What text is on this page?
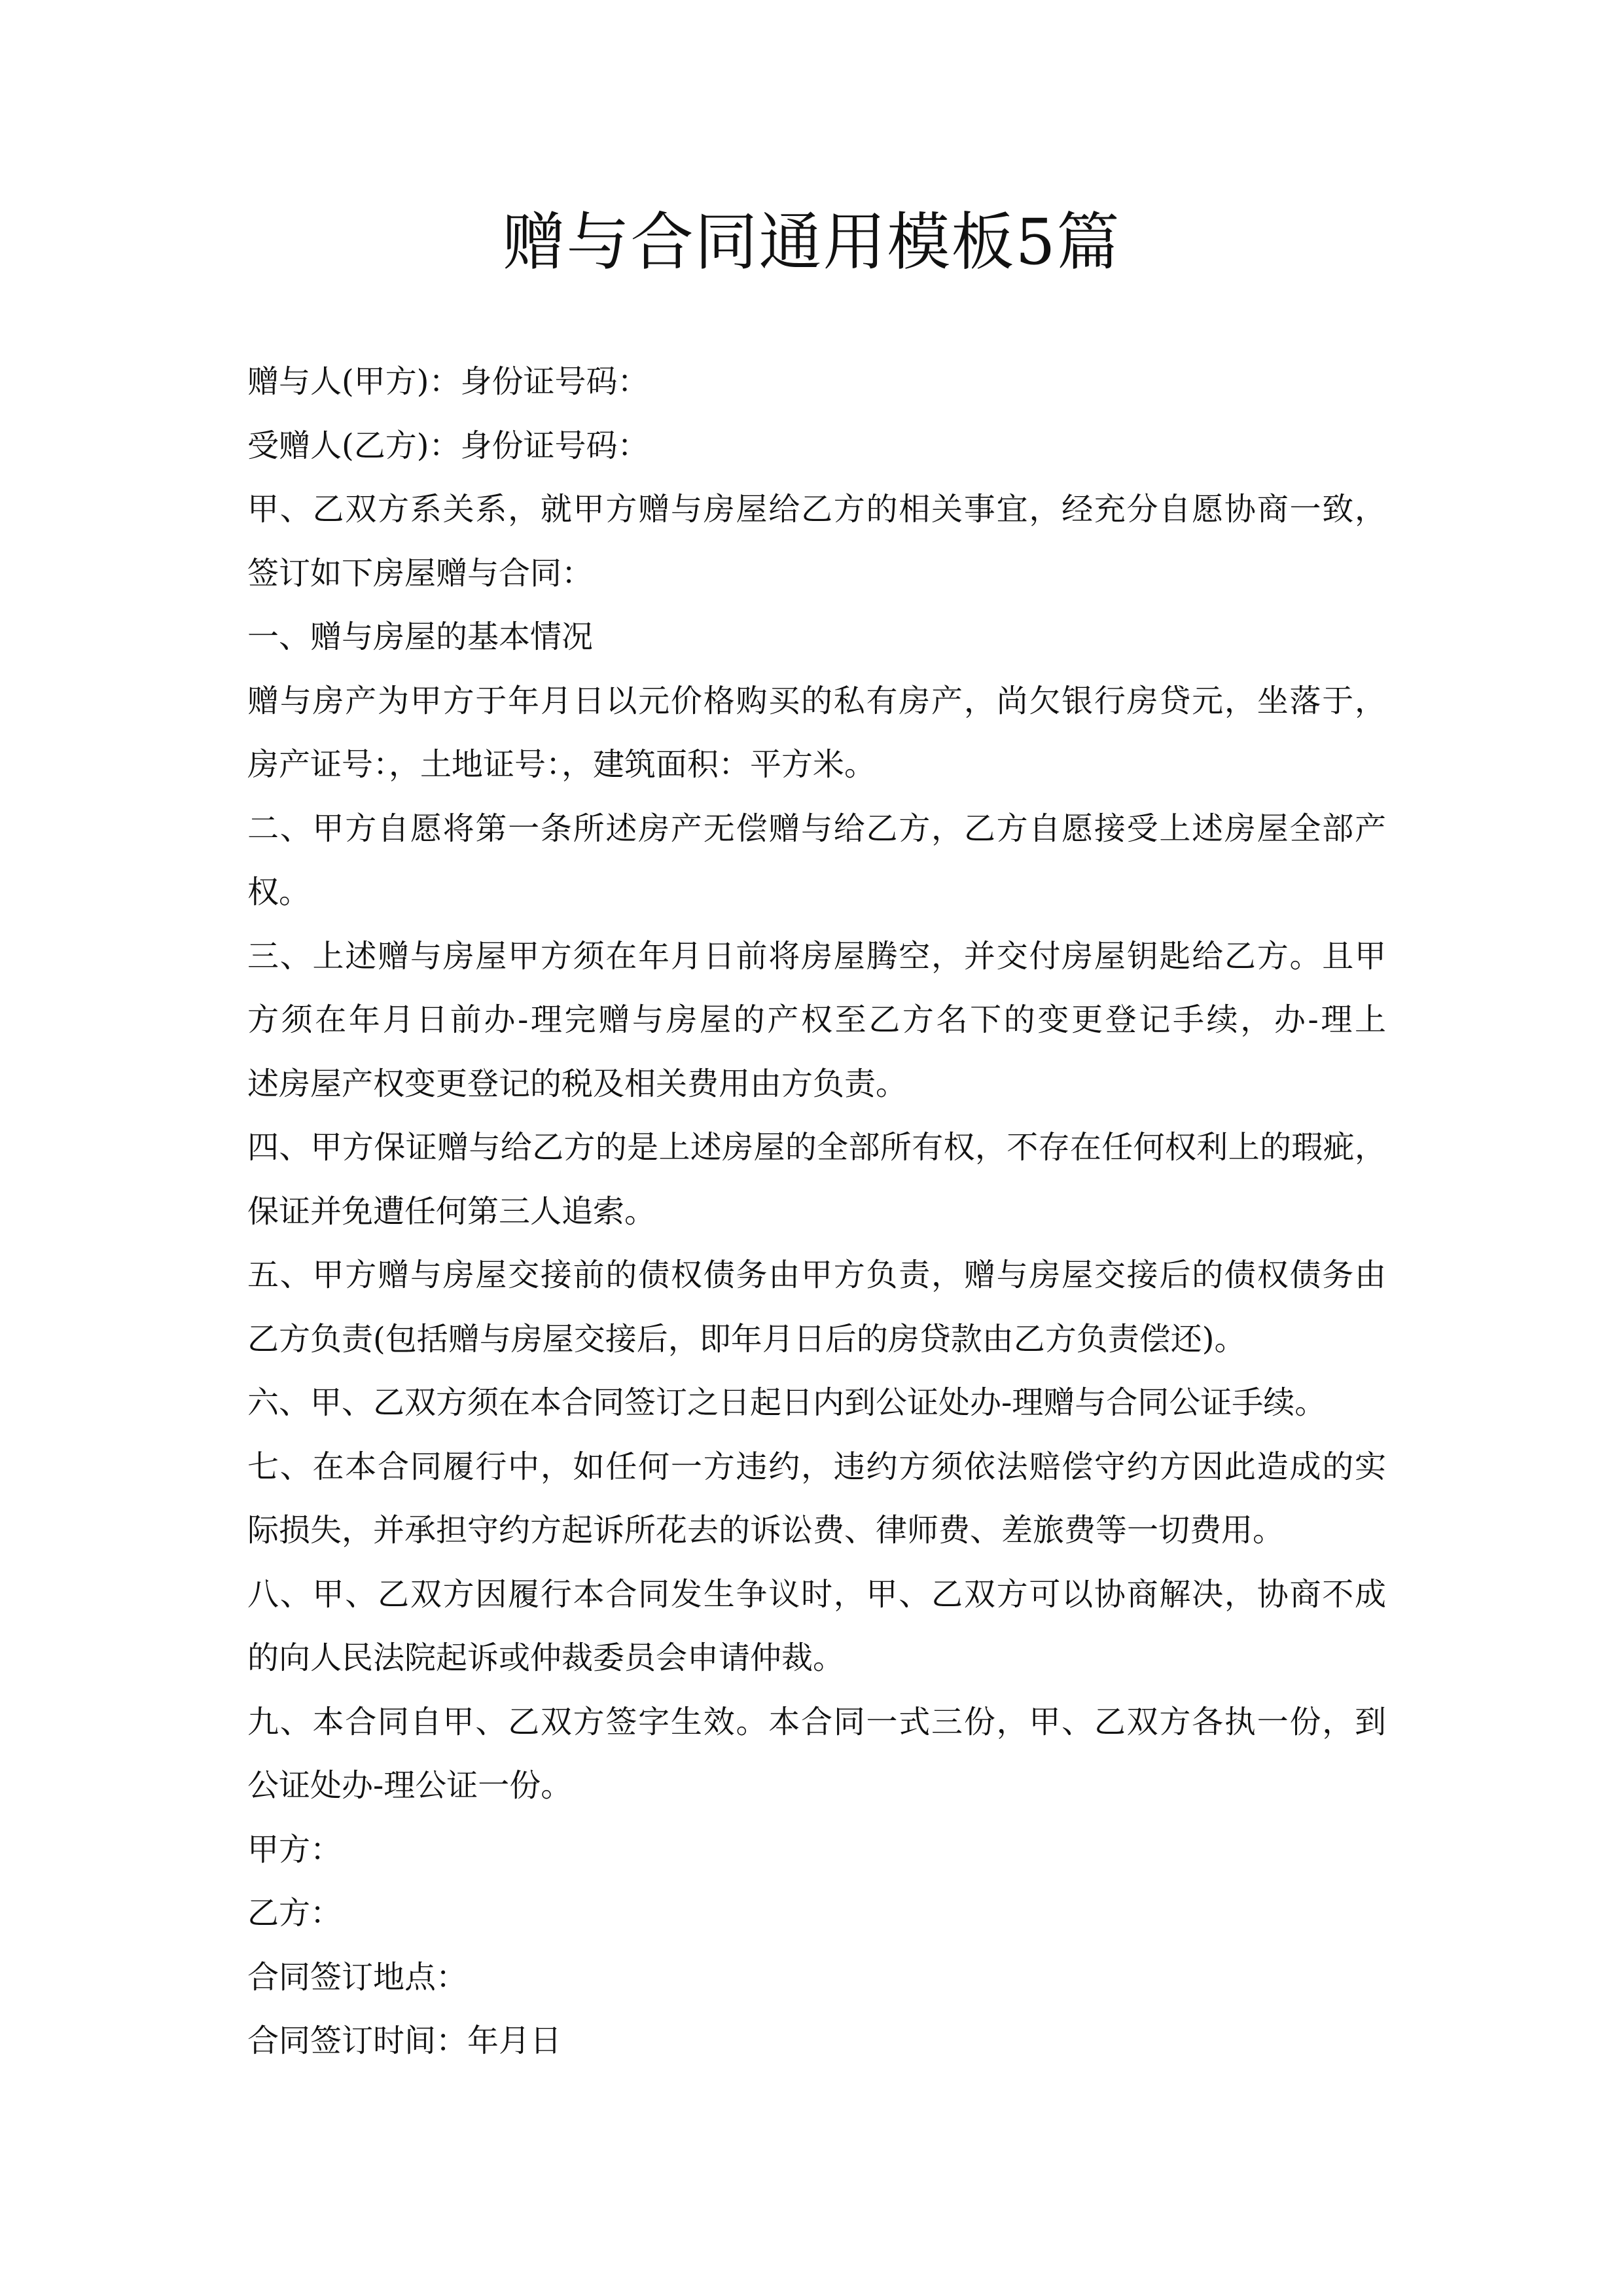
赠与合同通用模板5篇
赠与人(甲方)：身份证号码：
受赠人(乙方)：身份证号码：
甲、乙双方系关系，就甲方赠与房屋给乙方的相关事宜，经充分自愿协商一致，
签订如下房屋赠与合同：
一、赠与房屋的基本情况
赠与房产为甲方于年月日以元价格购买的私有房产，尚欠银行房贷元，坐落于，
房产证号：，土地证号：，建筑面积：平方米。
二、甲方自愿将第一条所述房产无偿赠与给乙方，乙方自愿接受上述房屋全部产
权。
三、上述赠与房屋甲方须在年月日前将房屋腾空，并交付房屋钥匙给乙方。且甲
方须在年月日前办-理完赠与房屋的产权至乙方名下的变更登记手续，办-理上
述房屋产权变更登记的税及相关费用由方负责。
四、甲方保证赠与给乙方的是上述房屋的全部所有权，不存在任何权利上的瑕疵，
保证并免遭任何第三人追索。
五、甲方赠与房屋交接前的债权债务由甲方负责，赠与房屋交接后的债权债务由
乙方负责(包括赠与房屋交接后，即年月日后的房贷款由乙方负责偿还)。
六、甲、乙双方须在本合同签订之日起日内到公证处办-理赠与合同公证手续。
七、在本合同履行中，如任何一方违约，违约方须依法赔偿守约方因此造成的实
际损失，并承担守约方起诉所花去的诉讼费、律师费、差旅费等一切费用。
八、甲、乙双方因履行本合同发生争议时，甲、乙双方可以协商解决，协商不成
的向人民法院起诉或仲裁委员会申请仲裁。
九、本合同自甲、乙双方签字生效。本合同一式三份，甲、乙双方各执一份，到
公证处办-理公证一份。
甲方：
乙方：
合同签订地点：
合同签订时间：年月日
